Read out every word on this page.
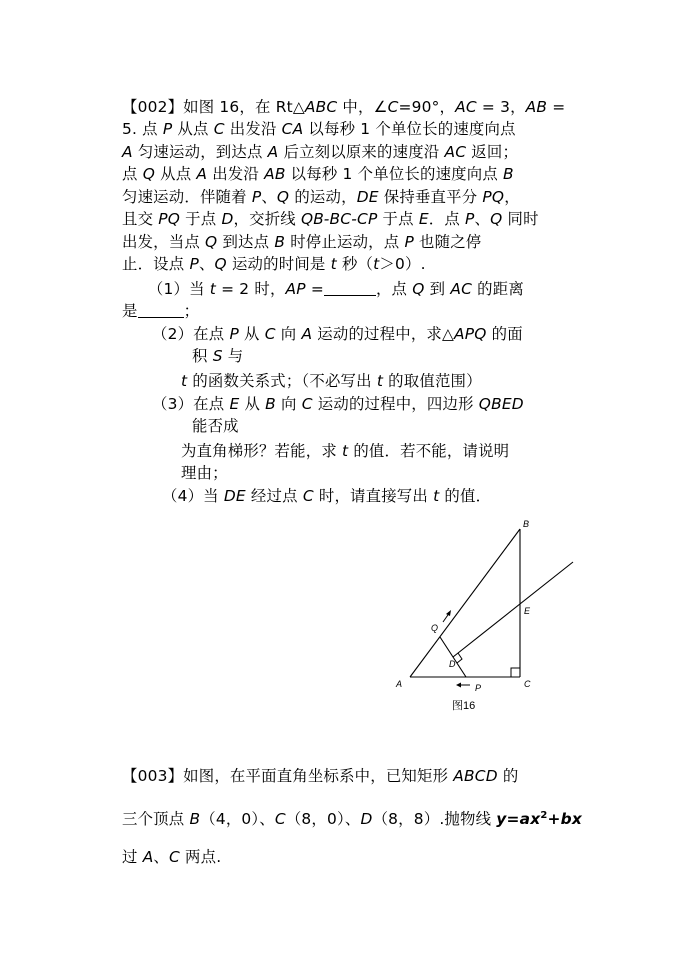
【002】如图 16，在 Rt△ABC 中，∠C=90°，AC = 3，AB =
5. 点 P 从点 C 出发沿 CA 以每秒 1 个单位长的速度向点
A 匀速运动，到达点 A 后立刻以原来的速度沿 AC 返回；
点 Q 从点 A 出发沿 AB 以每秒 1 个单位长的速度向点 B
匀速运动．伴随着 P、Q 的运动，DE 保持垂直平分 PQ，
且交 PQ 于点 D，交折线 QB-BC-CP 于点 E．点 P、Q 同时
出发，当点 Q 到达点 B 时停止运动，点 P 也随之停
止．设点 P、Q 运动的时间是 t 秒（t＞0）.
　（1）当 t = 2 时，AP =	，点 Q 到 AC 的距离
是	；
（2）在点 P 从 C 向 A 运动的过程中，求△APQ 的面
积 S 与
t 的函数关系式；（不必写出 t 的取值范围）
（3）在点 E 从 B 向 C 运动的过程中，四边形 QBED
能否成
为直角梯形？若能，求 t 的值．若不能，请说明
理由；
（4）当 DE 经过点 C 时，请直接写出 t 的值．
B
E
Q
D
A	P	C
图16
【003】如图，在平面直角坐标系中，已知矩形 ABCD 的
三个顶点 B（4，0）、C（8，0）、D（8，8）.抛物线 $y=ax^2+bx$
过 A、C 两点.
